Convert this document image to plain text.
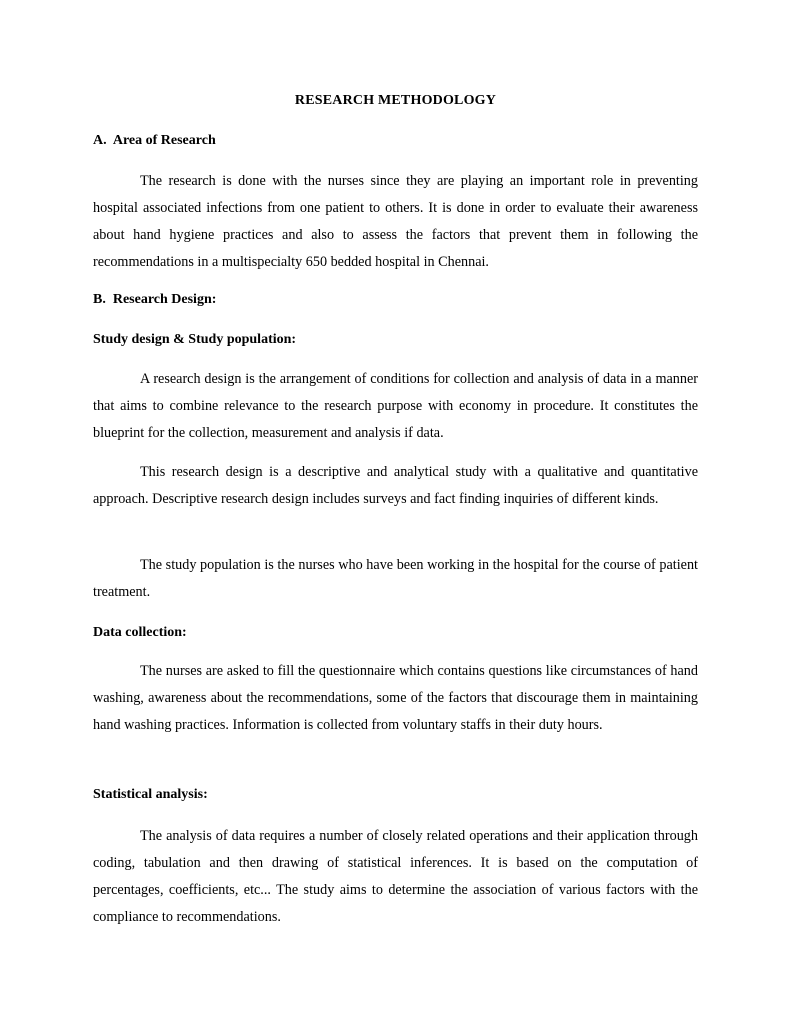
RESEARCH METHODOLOGY
A.  Area of Research

The research is done with the nurses since they are playing an important role in preventing hospital associated infections from one patient to others. It is done in order to evaluate their awareness about hand hygiene practices and also to assess the factors that prevent them in following the recommendations in a multispecialty 650 bedded hospital in Chennai.

B.  Research Design:
Study design & Study population:

A research design is the arrangement of conditions for collection and analysis of data in a manner that aims to combine relevance to the research purpose with economy in procedure. It constitutes the blueprint for the collection, measurement and analysis if data.

This research design is a descriptive and analytical study with a qualitative and quantitative approach. Descriptive research design includes surveys and fact finding inquiries of different kinds.

The study population is the nurses who have been working in the hospital for the course of patient treatment.

Data collection:

The nurses are asked to fill the questionnaire which contains questions like circumstances of hand washing, awareness about the recommendations, some of the factors that discourage them in maintaining hand washing practices. Information is collected from voluntary staffs in their duty hours.

Statistical analysis:

The analysis of data requires a number of closely related operations and their application through coding, tabulation and then drawing of statistical inferences. It is based on the computation of percentages, coefficients, etc... The study aims to determine the association of various factors with the compliance to recommendations.
